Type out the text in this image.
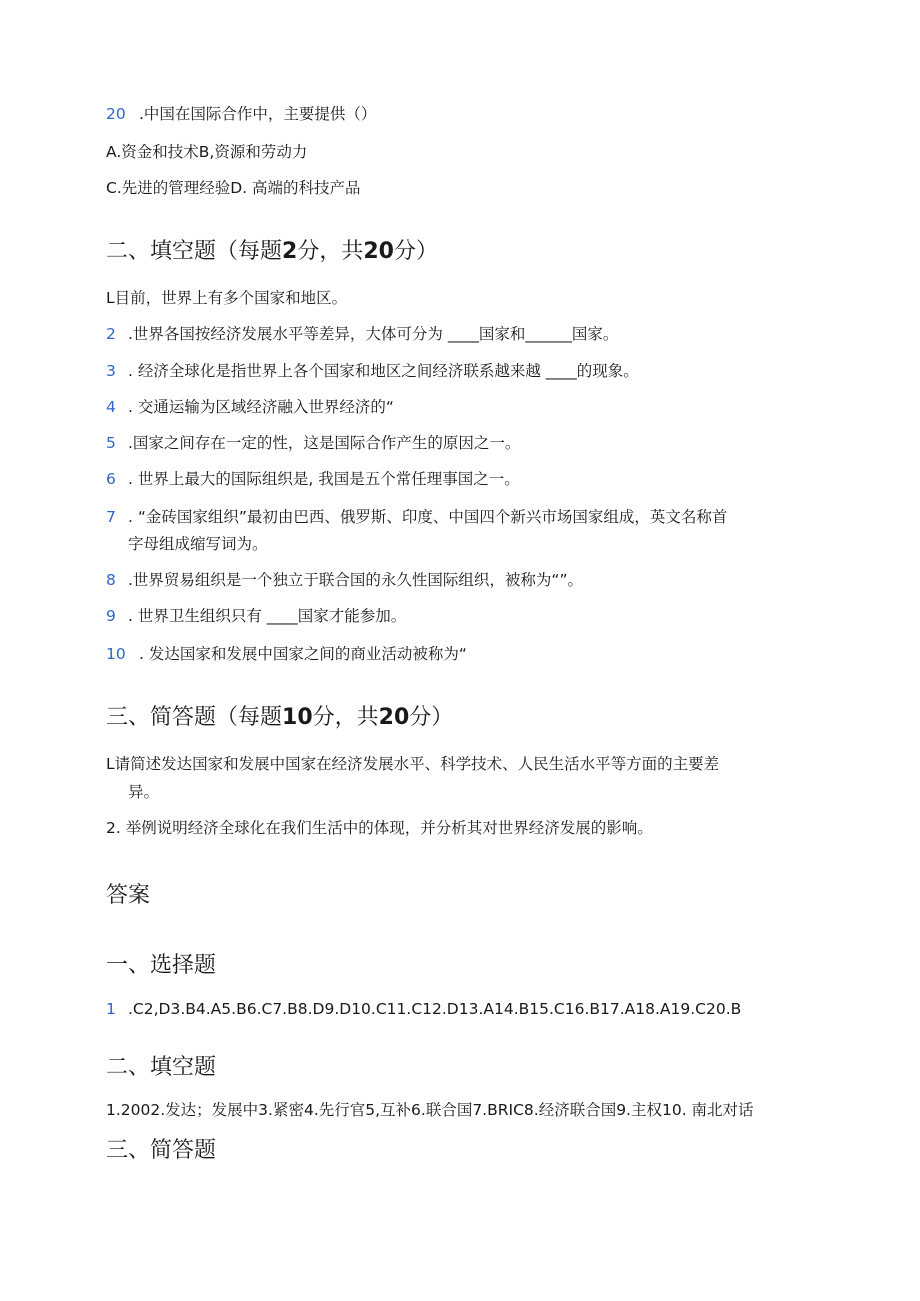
20 .中国在国际合作中，主要提供（）
A.资金和技术B,资源和劳动力
C.先进的管理经验D. 高端的科技产品
二、填空题（每题2分，共20分）
L目前，世界上有多个国家和地区。
2 .世界各国按经济发展水平等差异，大体可分为 ____国家和______国家。
3 . 经济全球化是指世界上各个国家和地区之间经济联系越来越 ____的现象。
4 . 交通运输为区域经济融入世界经济的“
5 .国家之间存在一定的性，这是国际合作产生的原因之一。
6 . 世界上最大的国际组织是, 我国是五个常任理事国之一。
7 . “金砖国家组织”最初由巴西、俄罗斯、印度、中国四个新兴市场国家组成，英文名称首
字母组成缩写词为。
8 .世界贸易组织是一个独立于联合国的永久性国际组织，被称为“”。
9 . 世界卫生组织只有 ____国家才能参加。
10 . 发达国家和发展中国家之间的商业活动被称为“
三、简答题（每题10分，共20分）
L请简述发达国家和发展中国家在经济发展水平、科学技术、人民生活水平等方面的主要差
异。
2. 举例说明经济全球化在我们生活中的体现，并分析其对世界经济发展的影响。
答案
一、选择题
1 .C2,D3.B4.A5.B6.C7.B8.D9.D10.C11.C12.D13.A14.B15.C16.B17.A18.A19.C20.B
二、填空题
1.2002.发达；发展中3.紧密4.先行官5,互补6.联合国7.BRIC8.经济联合国9.主权10. 南北对话
三、简答题
